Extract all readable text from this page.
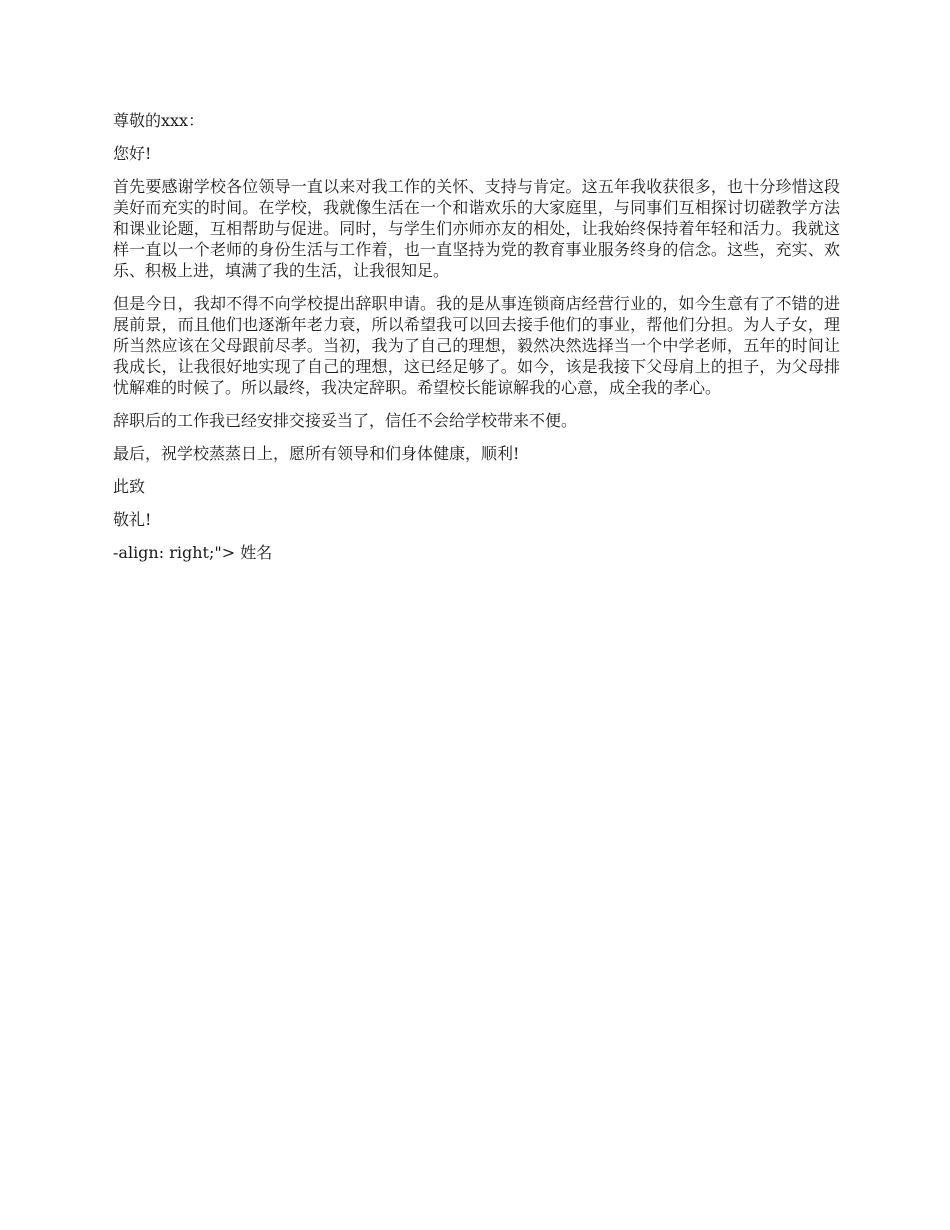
尊敬的xxx：

您好!

首先要感谢学校各位领导一直以来对我工作的关怀、支持与肯定。这五年我收获很多，也十分珍惜这段美好而充实的时间。在学校，我就像生活在一个和谐欢乐的大家庭里，与同事们互相探讨切磋教学方法和课业论题，互相帮助与促进。同时，与学生们亦师亦友的相处，让我始终保持着年轻和活力。我就这样一直以一个老师的身份生活与工作着，也一直坚持为党的教育事业服务终身的信念。这些，充实、欢乐、积极上进，填满了我的生活，让我很知足。

但是今日，我却不得不向学校提出辞职申请。我的是从事连锁商店经营行业的，如今生意有了不错的进展前景，而且他们也逐渐年老力衰，所以希望我可以回去接手他们的事业，帮他们分担。为人子女，理所当然应该在父母跟前尽孝。当初，我为了自己的理想，毅然决然选择当一个中学老师，五年的时间让我成长，让我很好地实现了自己的理想，这已经足够了。如今，该是我接下父母肩上的担子，为父母排忧解难的时候了。所以最终，我决定辞职。希望校长能谅解我的心意，成全我的孝心。

辞职后的工作我已经安排交接妥当了，信任不会给学校带来不便。

最后，祝学校蒸蒸日上，愿所有领导和们身体健康，顺利!

此致

敬礼!

-align: right;"> 姓名
